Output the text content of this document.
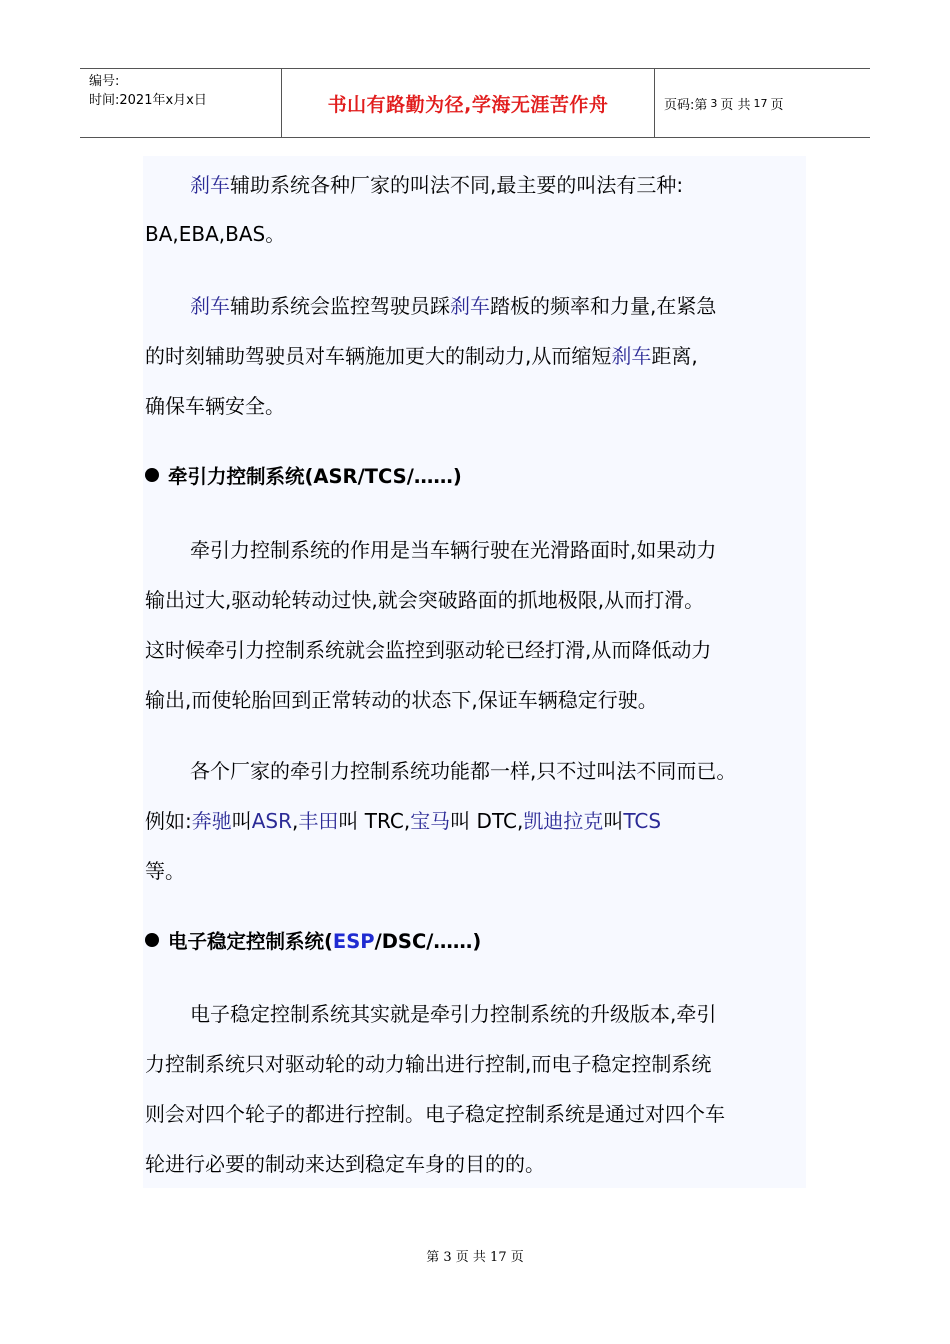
编号:
时间:2021年x月x日	书山有路勤为径,学海无涯苦作舟	页码:第 3 页 共 17 页
刹车辅助系统各种厂家的叫法不同,最主要的叫法有三种:
BA,EBA,BAS。
刹车辅助系统会监控驾驶员踩刹车踏板的频率和力量,在紧急
的时刻辅助驾驶员对车辆施加更大的制动力,从而缩短刹车距离,
确保车辆安全。
牵引力控制系统(ASR/TCS/……)
牵引力控制系统的作用是当车辆行驶在光滑路面时,如果动力
输出过大,驱动轮转动过快,就会突破路面的抓地极限,从而打滑。
这时候牵引力控制系统就会监控到驱动轮已经打滑,从而降低动力
输出,而使轮胎回到正常转动的状态下,保证车辆稳定行驶。
各个厂家的牵引力控制系统功能都一样,只不过叫法不同而已。
例如:奔驰叫ASR,丰田叫 TRC,宝马叫 DTC,凯迪拉克叫TCS
等。
电子稳定控制系统(ESP/DSC/……)
电子稳定控制系统其实就是牵引力控制系统的升级版本,牵引
力控制系统只对驱动轮的动力输出进行控制,而电子稳定控制系统
则会对四个轮子的都进行控制。电子稳定控制系统是通过对四个车
轮进行必要的制动来达到稳定车身的目的的。
第 3 页 共 17 页
